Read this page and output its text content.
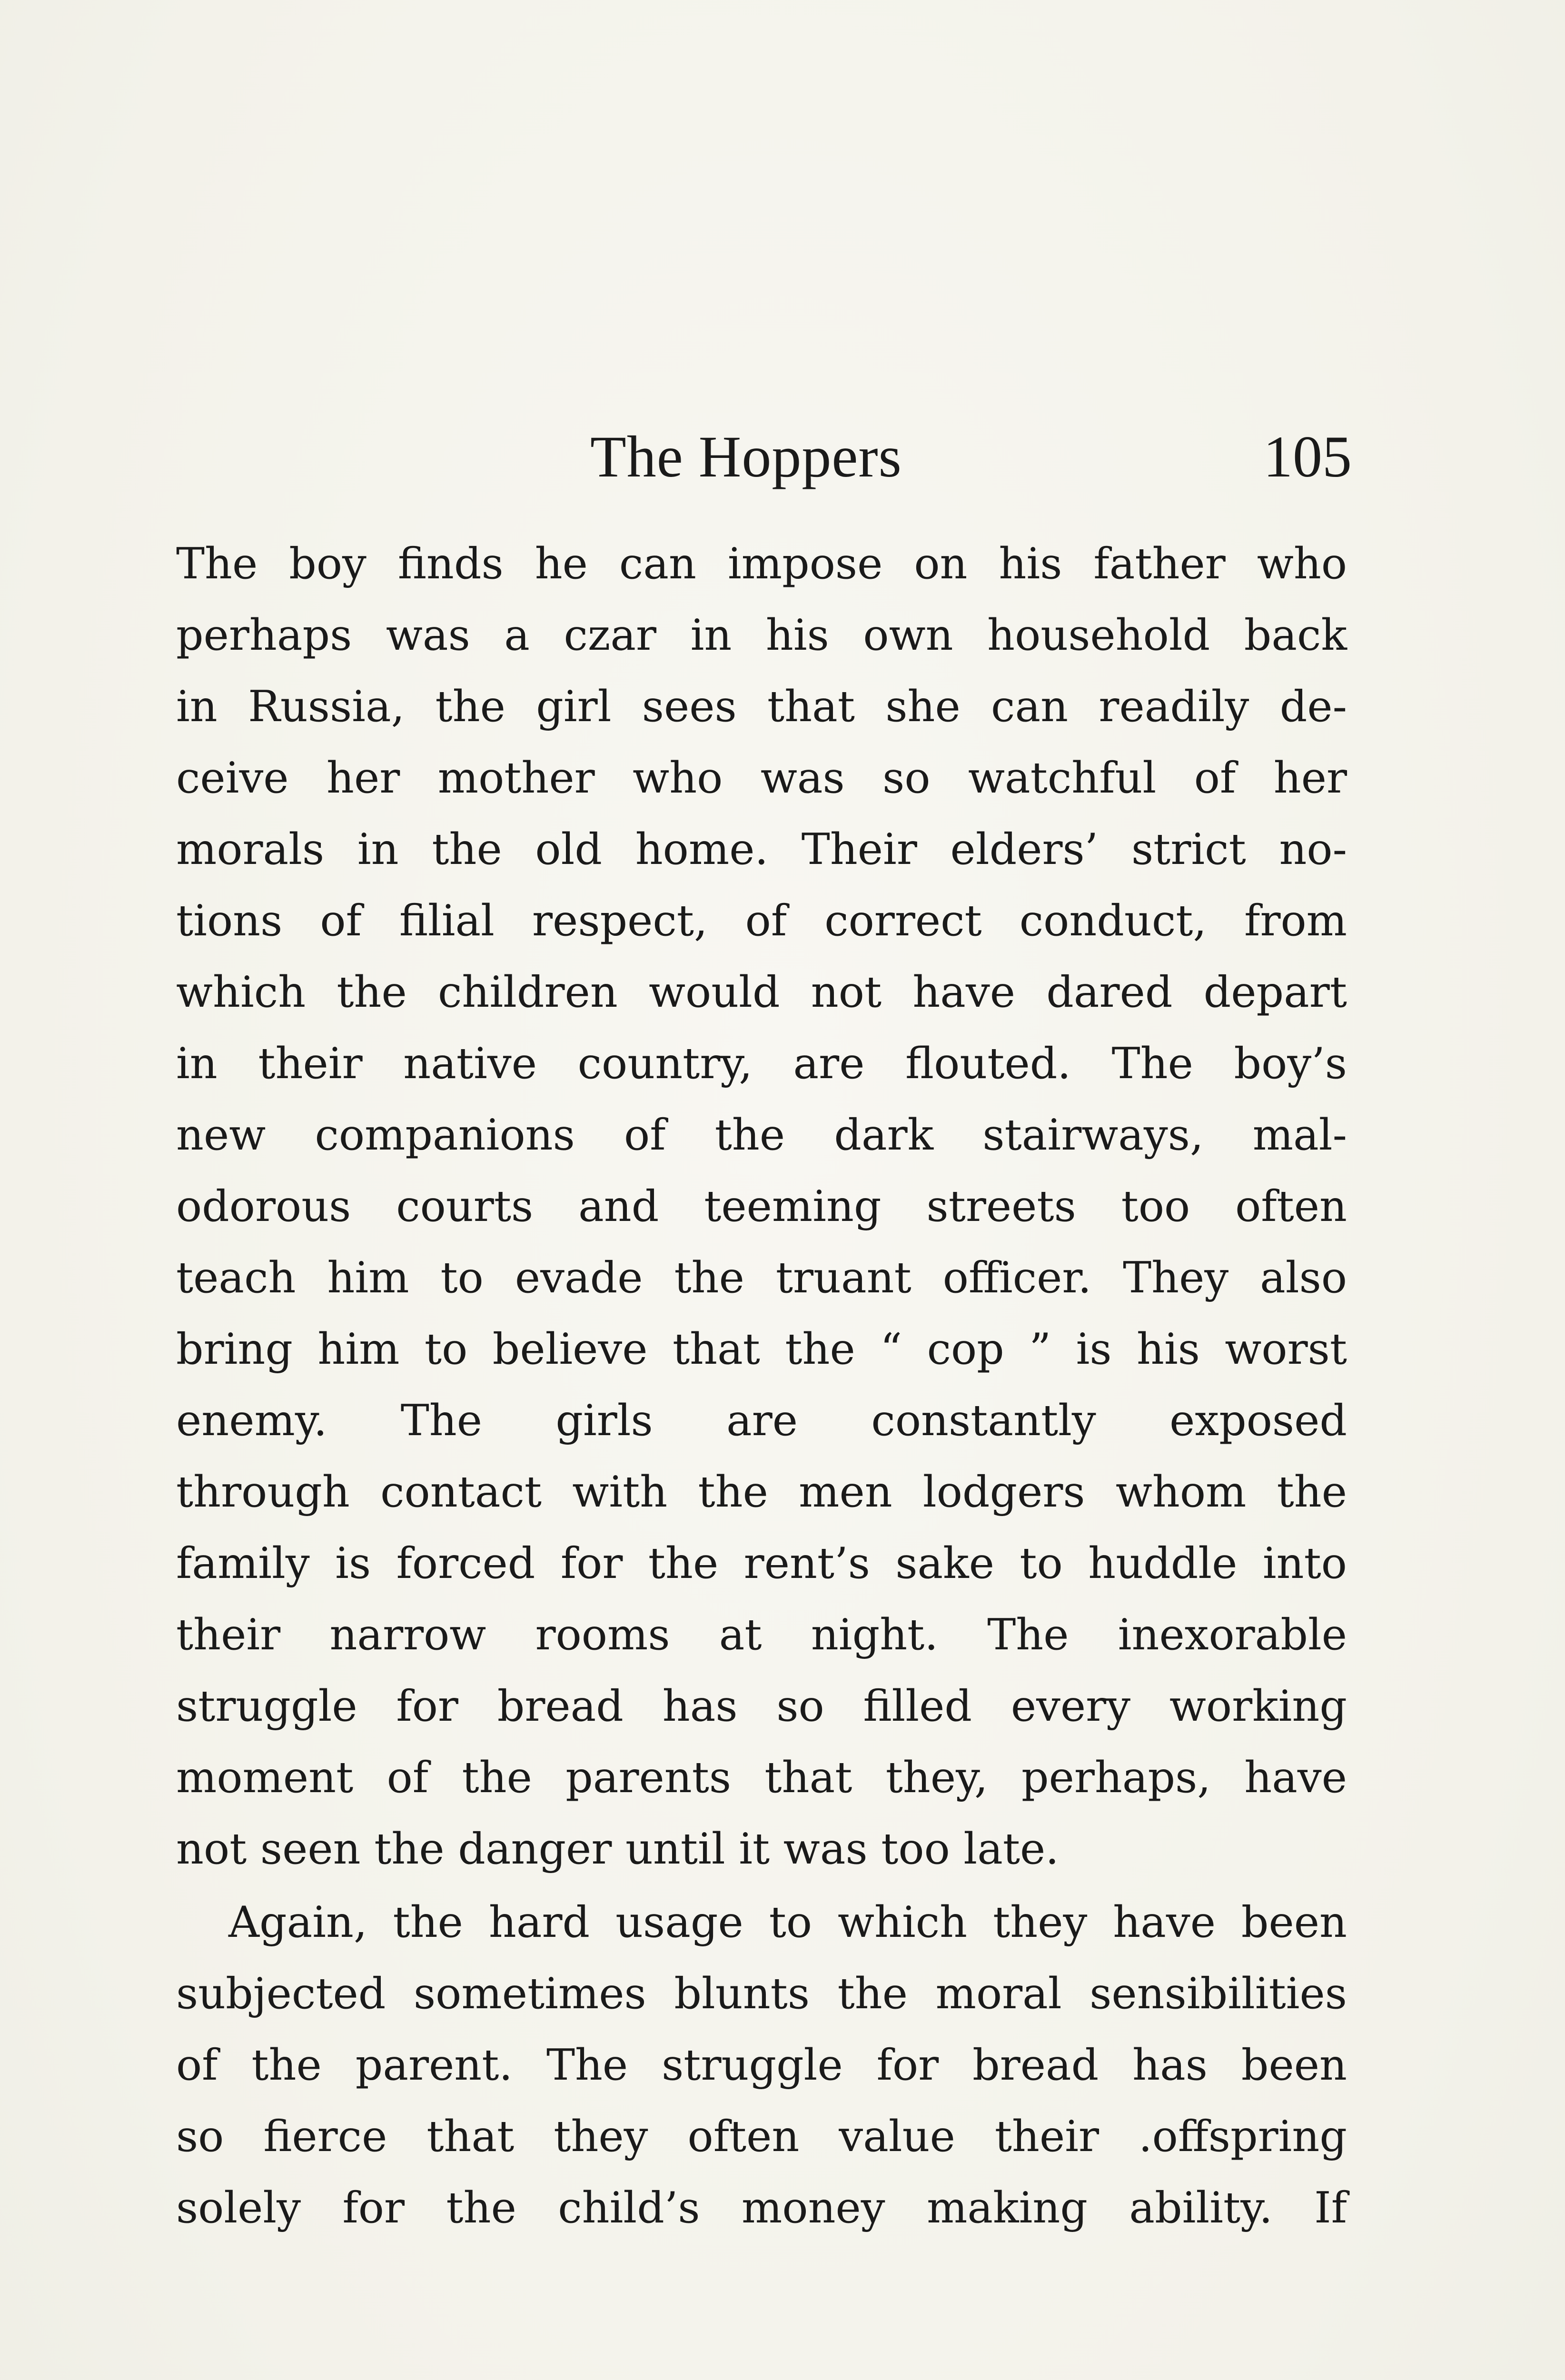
The Hoppers	105
The boy finds he can impose on his father who
perhaps was a czar in his own household back
in Russia, the girl sees that she can readily de-
ceive her mother who was so watchful of her
morals in the old home. Their elders’ strict no-
tions of filial respect, of correct conduct, from
which the children would not have dared depart
in their native country, are flouted. The boy’s
new companions of the dark stairways, mal-
odorous courts and teeming streets too often
teach him to evade the truant officer. They also
bring him to believe that the “ cop ” is his worst
enemy. The girls are constantly exposed
through contact with the men lodgers whom the
family is forced for the rent’s sake to huddle into
their narrow rooms at night. The inexorable
struggle for bread has so filled every working
moment of the parents that they, perhaps, have
not seen the danger until it was too late.
Again, the hard usage to which they have been
subjected sometimes blunts the moral sensibilities
of the parent. The struggle for bread has been
so fierce that they often value their .offspring
solely for the child’s money making ability. If
